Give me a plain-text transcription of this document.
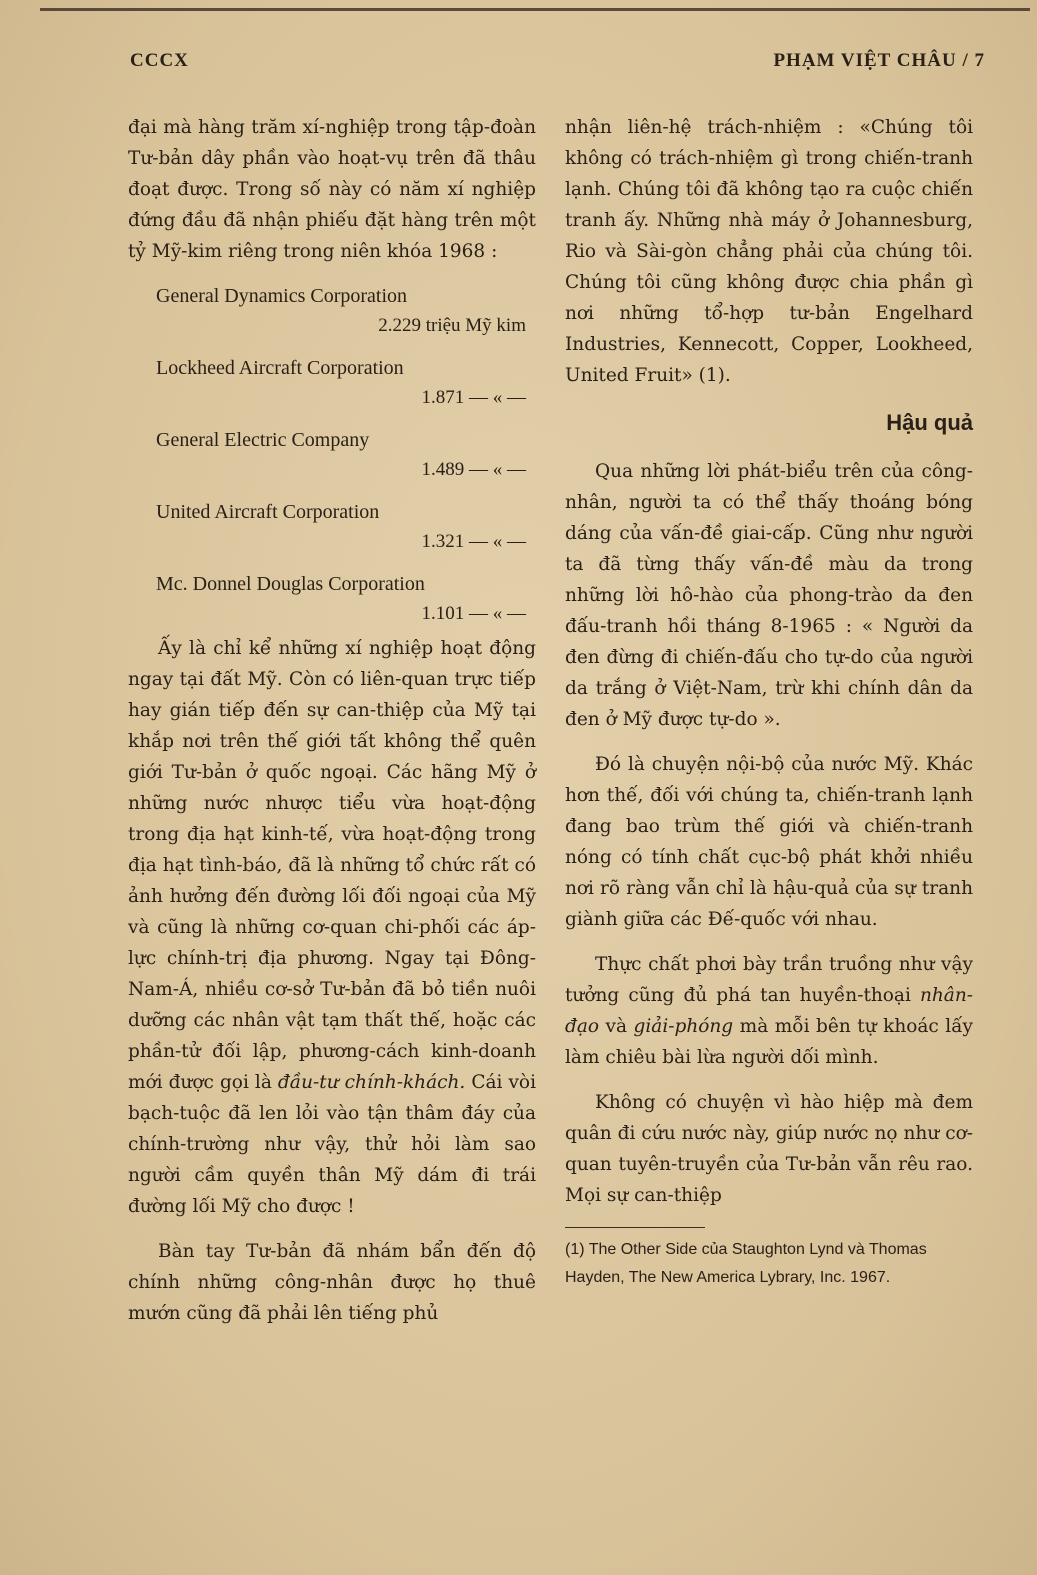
CCCX	PHẠM VIỆT CHÂU / 7

đại mà hàng trăm xí-nghiệp trong tập-đoàn Tư-bản dây phần vào hoạt-vụ trên đã thâu đoạt được. Trong số này có năm xí nghiệp đứng đầu đã nhận phiếu đặt hàng trên một tỷ Mỹ-kim riêng trong niên khóa 1968 :

General Dynamics Corporation
2.229 triệu Mỹ kim
Lockheed Aircraft Corporation
1.871 — « —
General Electric Company
1.489 — « —
United Aircraft Corporation
1.321 — « —
Mc. Donnel Douglas Corporation
1.101 — « —

Ấy là chỉ kể những xí nghiệp hoạt động ngay tại đất Mỹ. Còn có liên-quan trực tiếp hay gián tiếp đến sự can-thiệp của Mỹ tại khắp nơi trên thế giới tất không thể quên giới Tư-bản ở quốc ngoại. Các hãng Mỹ ở những nước nhược tiểu vừa hoạt-động trong địa hạt kinh-tế, vừa hoạt-động trong địa hạt tình-báo, đã là những tổ chức rất có ảnh hưởng đến đường lối đối ngoại của Mỹ và cũng là những cơ-quan chi-phối các áp-lực chính-trị địa phương. Ngay tại Đông-Nam-Á, nhiều cơ-sở Tư-bản đã bỏ tiền nuôi dưỡng các nhân vật tạm thất thế, hoặc các phần-tử đối lập, phương-cách kinh-doanh mới được gọi là đầu-tư chính-khách. Cái vòi bạch-tuộc đã len lỏi vào tận thâm đáy của chính-trường như vậy, thử hỏi làm sao người cầm quyền thân Mỹ dám đi trái đường lối Mỹ cho được !

Bàn tay Tư-bản đã nhám bẩn đến độ chính những công-nhân được họ thuê mướn cũng đã phải lên tiếng phủ

nhận liên-hệ trách-nhiệm : «Chúng tôi không có trách-nhiệm gì trong chiến-tranh lạnh. Chúng tôi đã không tạo ra cuộc chiến tranh ấy. Những nhà máy ở Johannesburg, Rio và Sài-gòn chẳng phải của chúng tôi. Chúng tôi cũng không được chia phần gì nơi những tổ-hợp tư-bản Engelhard Industries, Kennecott, Copper, Lookheed, United Fruit» (1).

Hậu quả

Qua những lời phát-biểu trên của công-nhân, người ta có thể thấy thoáng bóng dáng của vấn-đề giai-cấp. Cũng như người ta đã từng thấy vấn-đề màu da trong những lời hô-hào của phong-trào da đen đấu-tranh hồi tháng 8-1965 : « Người da đen đừng đi chiến-đấu cho tự-do của người da trắng ở Việt-Nam, trừ khi chính dân da đen ở Mỹ được tự-do ».

Đó là chuyện nội-bộ của nước Mỹ. Khác hơn thế, đối với chúng ta, chiến-tranh lạnh đang bao trùm thế giới và chiến-tranh nóng có tính chất cục-bộ phát khởi nhiều nơi rõ ràng vẫn chỉ là hậu-quả của sự tranh giành giữa các Đế-quốc với nhau.

Thực chất phơi bày trần truồng như vậy tưởng cũng đủ phá tan huyền-thoại nhân-đạo và giải-phóng mà mỗi bên tự khoác lấy làm chiêu bài lừa người dối mình.

Không có chuyện vì hào hiệp mà đem quân đi cứu nước này, giúp nước nọ như cơ-quan tuyên-truyền của Tư-bản vẫn rêu rao. Mọi sự can-thiệp

(1) The Other Side của Staughton Lynd và Thomas Hayden, The New America Lybrary, Inc. 1967.
